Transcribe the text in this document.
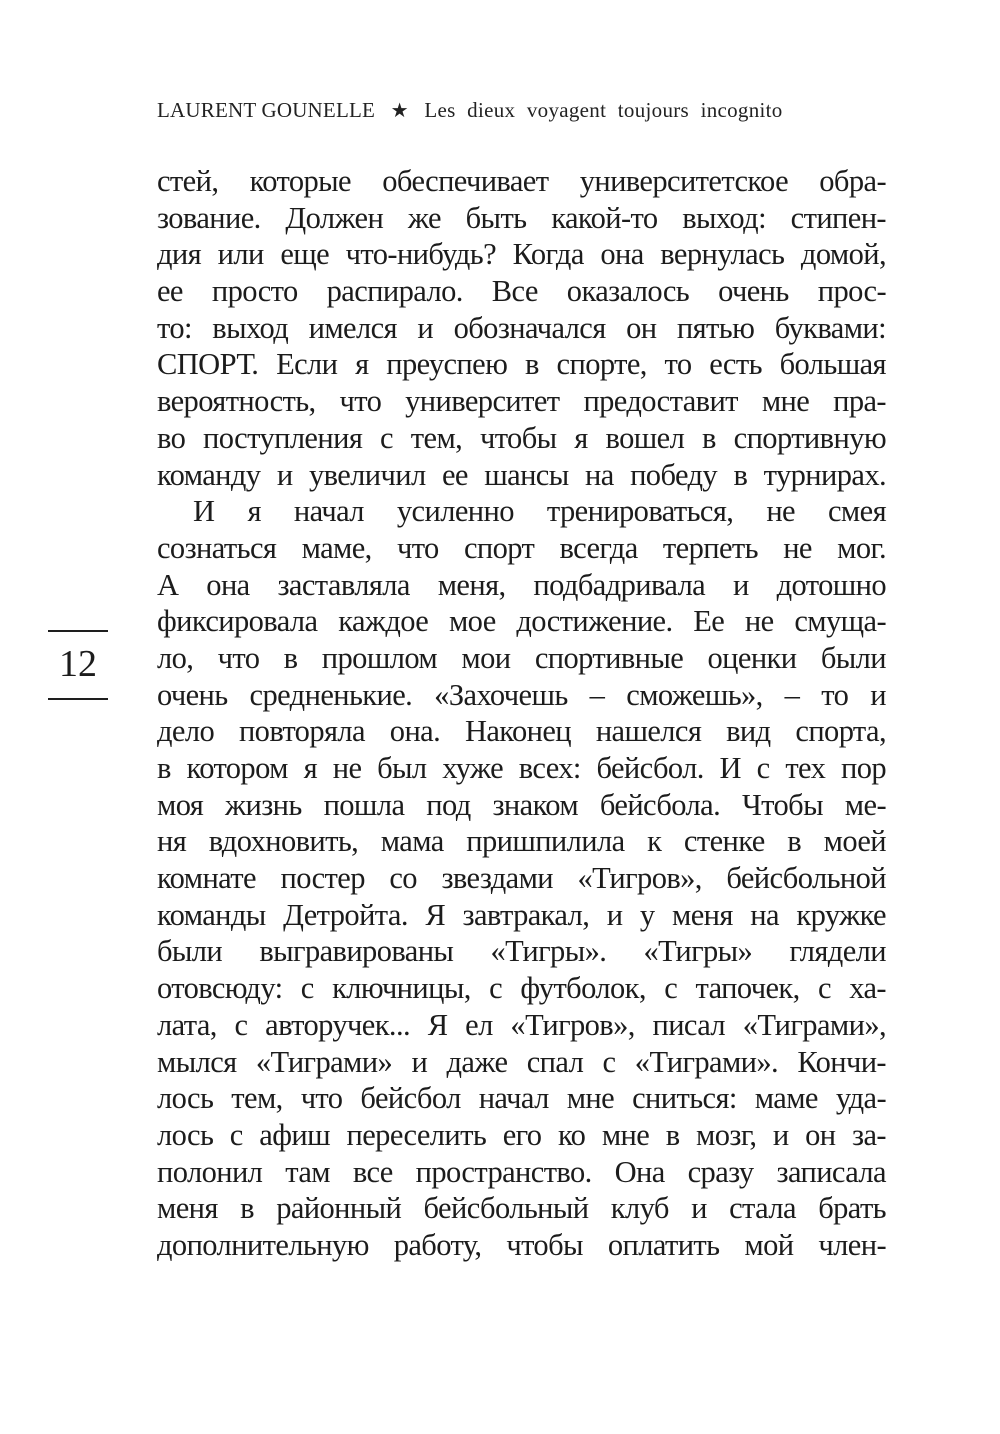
LAURENT GOUNELLE ★ Les dieux voyagent toujours incognito
12
стей, которые обеспечивает университетское обра-
зование. Должен же быть какой-то выход: стипен-
дия или еще что-нибудь? Когда она вернулась домой,
ее просто распирало. Все оказалось очень прос-
то: выход имелся и обозначался он пятью буквами:
СПОРТ. Если я преуспею в спорте, то есть большая
вероятность, что университет предоставит мне пра-
во поступления с тем, чтобы я вошел в спортивную
команду и увеличил ее шансы на победу в турнирах.
И я начал усиленно тренироваться, не смея
сознаться маме, что спорт всегда терпеть не мог.
А она заставляла меня, подбадривала и дотошно
фиксировала каждое мое достижение. Ее не смуща-
ло, что в прошлом мои спортивные оценки были
очень средненькие. «Захочешь – сможешь», – то и
дело повторяла она. Наконец нашелся вид спорта,
в котором я не был хуже всех: бейсбол. И с тех пор
моя жизнь пошла под знаком бейсбола. Чтобы ме-
ня вдохновить, мама пришпилила к стенке в моей
комнате постер со звездами «Тигров», бейсбольной
команды Детройта. Я завтракал, и у меня на кружке
были выгравированы «Тигры». «Тигры» глядели
отовсюду: с ключницы, с футболок, с тапочек, с ха-
лата, с авторучек... Я ел «Тигров», писал «Тиграми»,
мылся «Тиграми» и даже спал с «Тиграми». Кончи-
лось тем, что бейсбол начал мне сниться: маме уда-
лось с афиш переселить его ко мне в мозг, и он за-
полонил там все пространство. Она сразу записала
меня в районный бейсбольный клуб и стала брать
дополнительную работу, чтобы оплатить мой член-
